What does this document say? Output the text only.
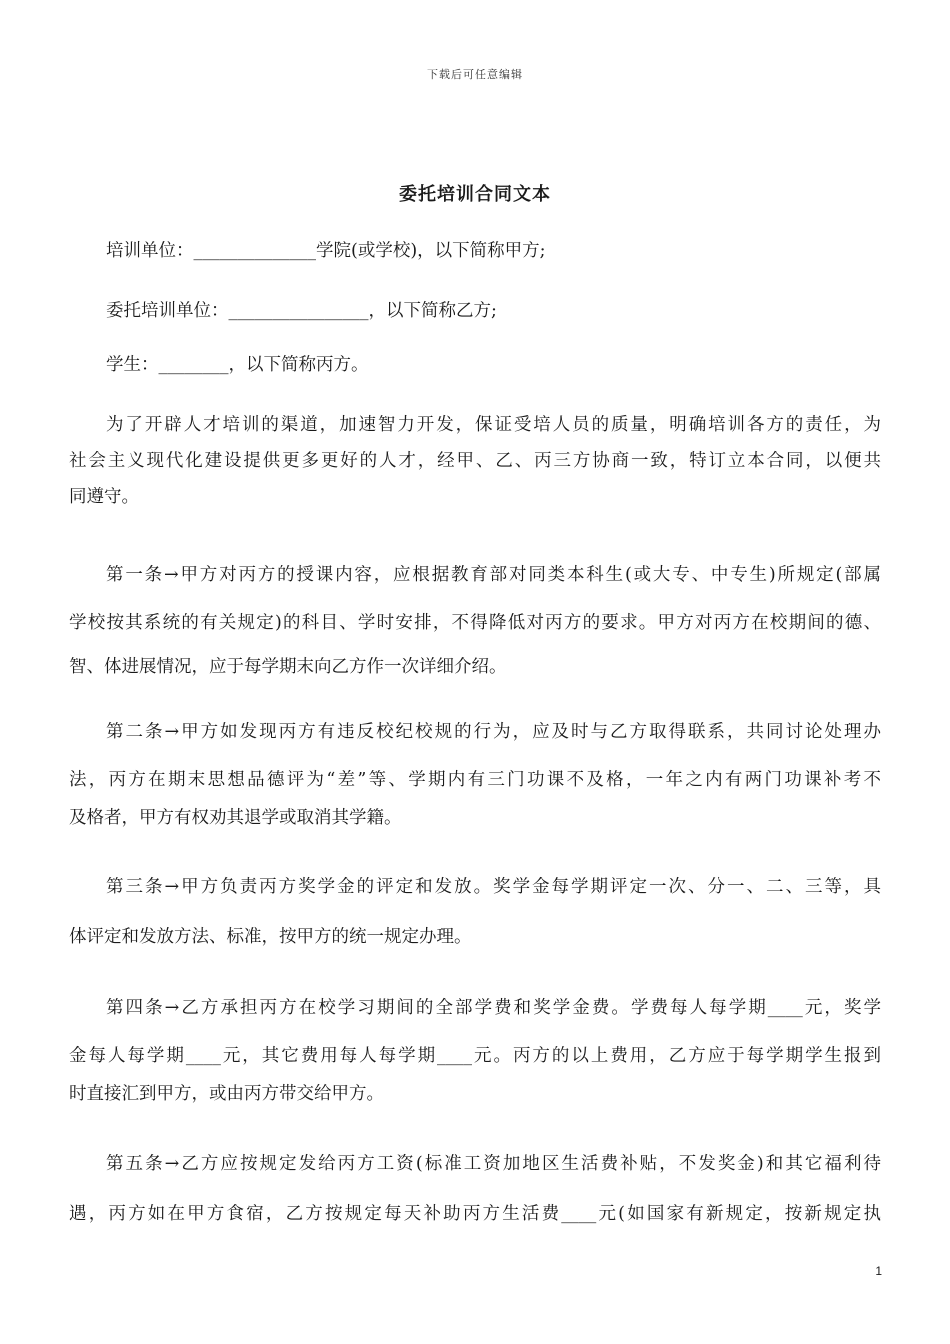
下载后可任意编辑
委托培训合同文本
培训单位：______________学院(或学校)，以下简称甲方;
委托培训单位：________________，以下简称乙方;
学生：________，以下简称丙方。
为了开辟人才培训的渠道，加速智力开发，保证受培人员的质量，明确培训各方的责任，为
社会主义现代化建设提供更多更好的人才，经甲、乙、丙三方协商一致，特订立本合同，以便共
同遵守。
第一条→甲方对丙方的授课内容，应根据教育部对同类本科生(或大专、中专生)所规定(部属
学校按其系统的有关规定)的科目、学时安排，不得降低对丙方的要求。甲方对丙方在校期间的德、
智、体进展情况，应于每学期末向乙方作一次详细介绍。
第二条→甲方如发现丙方有违反校纪校规的行为，应及时与乙方取得联系，共同讨论处理办
法，丙方在期末思想品德评为“差”等、学期内有三门功课不及格，一年之内有两门功课补考不
及格者，甲方有权劝其退学或取消其学籍。
第三条→甲方负责丙方奖学金的评定和发放。奖学金每学期评定一次、分一、二、三等，具
体评定和发放方法、标准，按甲方的统一规定办理。
第四条→乙方承担丙方在校学习期间的全部学费和奖学金费。学费每人每学期____元，奖学
金每人每学期____元，其它费用每人每学期____元。丙方的以上费用，乙方应于每学期学生报到
时直接汇到甲方，或由丙方带交给甲方。
第五条→乙方应按规定发给丙方工资(标准工资加地区生活费补贴，不发奖金)和其它福利待
遇，丙方如在甲方食宿，乙方按规定每天补助丙方生活费____元(如国家有新规定，按新规定执
1
